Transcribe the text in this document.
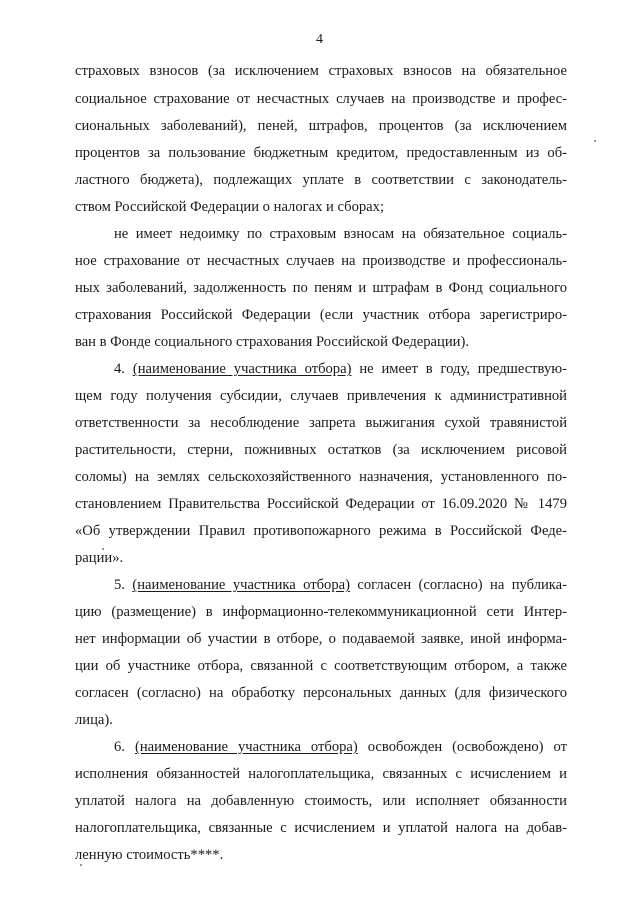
4
страховых взносов (за исключением страховых взносов на обязательное
социальное страхование от несчастных случаев на производстве и профес-
сиональных заболеваний), пеней, штрафов, процентов (за исключением
процентов за пользование бюджетным кредитом, предоставленным из об-
ластного бюджета), подлежащих уплате в соответствии с законодатель-
ством Российской Федерации о налогах и сборах;
не имеет недоимку по страховым взносам на обязательное социаль-
ное страхование от несчастных случаев на производстве и профессиональ-
ных заболеваний, задолженность по пеням и штрафам в Фонд социального
страхования Российской Федерации (если участник отбора зарегистриро-
ван в Фонде социального страхования Российской Федерации).
4. (наименование участника отбора) не имеет в году, предшествую-
щем году получения субсидии, случаев привлечения к административной
ответственности за несоблюдение запрета выжигания сухой травянистой
растительности, стерни, пожнивных остатков (за исключением рисовой
соломы) на землях сельскохозяйственного назначения, установленного по-
становлением Правительства Российской Федерации от 16.09.2020 № 1479
«Об утверждении Правил противопожарного режима в Российской Феде-
рации».
5. (наименование участника отбора) согласен (согласно) на публика-
цию (размещение) в информационно-телекоммуникационной сети Интер-
нет информации об участии в отборе, о подаваемой заявке, иной информа-
ции об участнике отбора, связанной с соответствующим отбором, а также
согласен (согласно) на обработку персональных данных (для физического
лица).
6. (наименование участника отбора) освобожден (освобождено) от
исполнения обязанностей налогоплательщика, связанных с исчислением и
уплатой налога на добавленную стоимость, или исполняет обязанности
налогоплательщика, связанные с исчислением и уплатой налога на добав-
ленную стоимость****.
